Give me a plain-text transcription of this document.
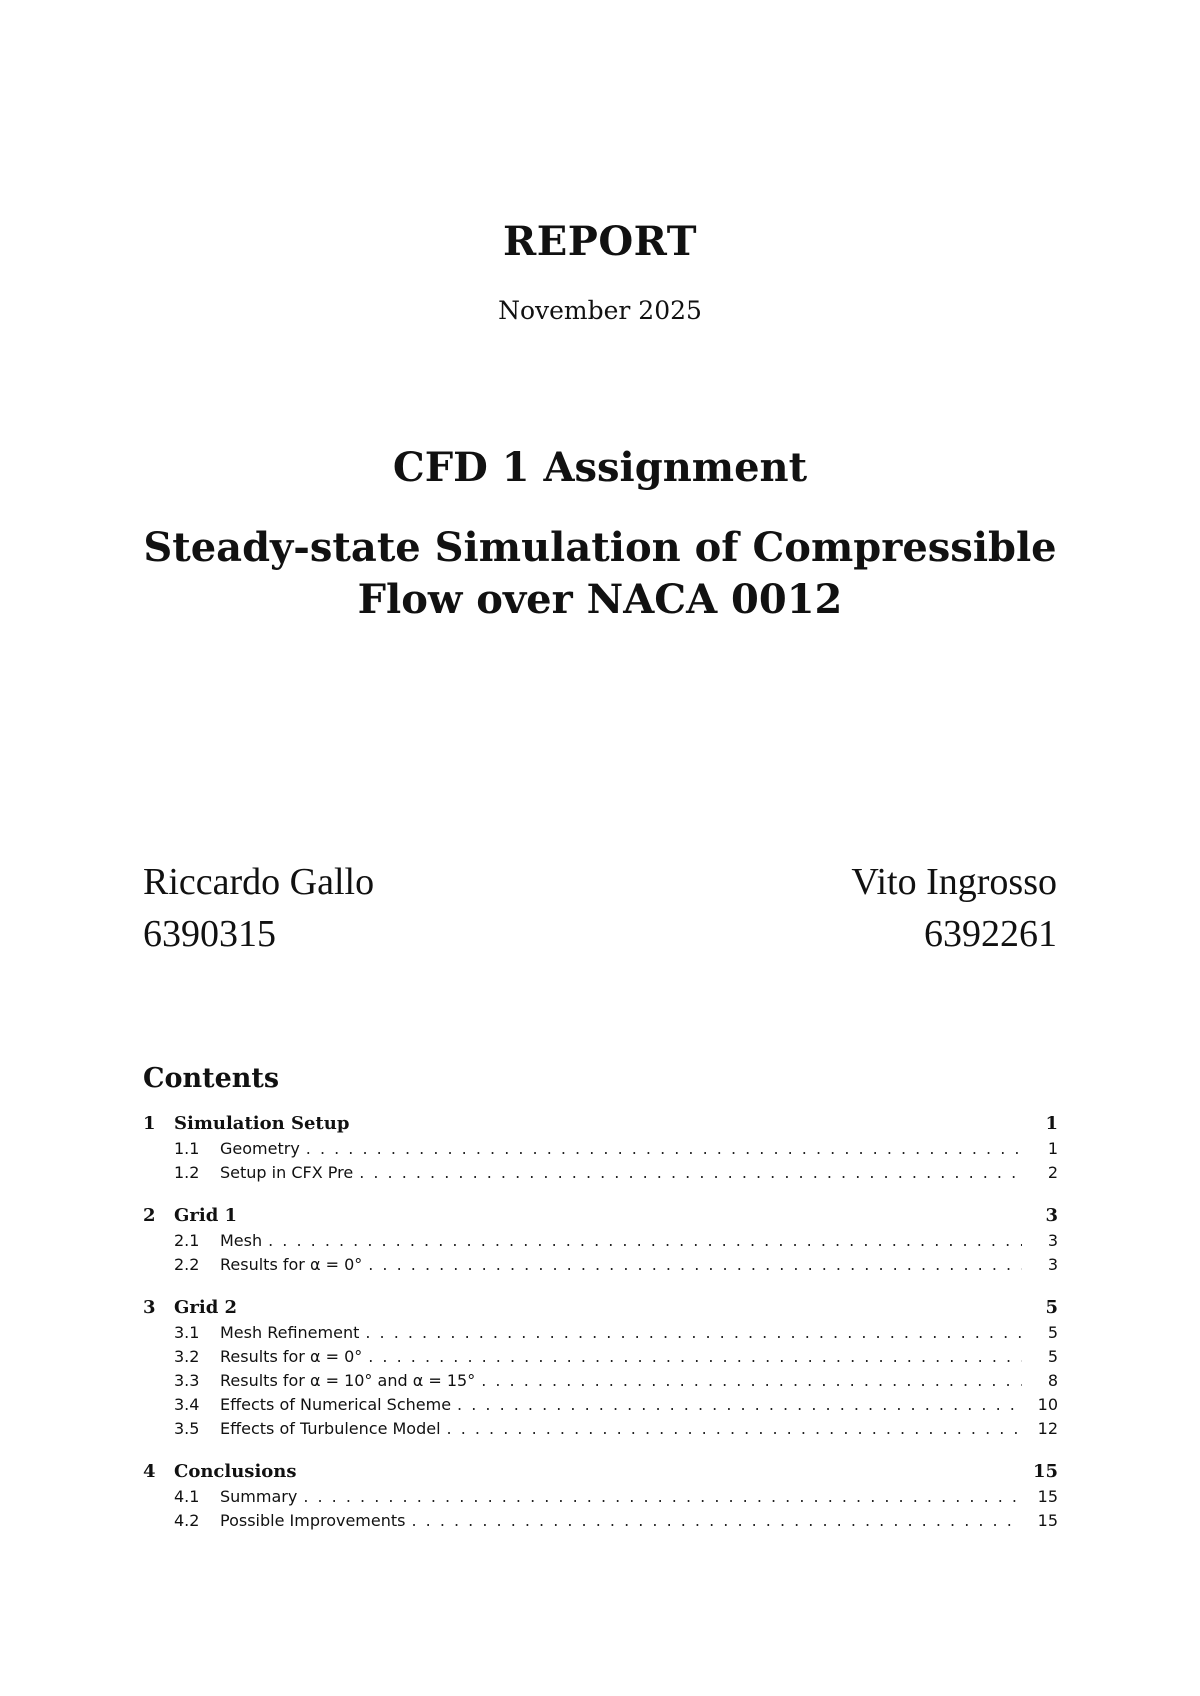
REPORT
November 2025
CFD 1 Assignment
Steady-state Simulation of Compressible
Flow over NACA 0012
Riccardo Gallo
6390315
Vito Ingrosso
6392261
Contents
1	Simulation Setup	1
1.1	Geometry . . .	1
1.2	Setup in CFX Pre . . .	2
2	Grid 1	3
2.1	Mesh . . .	3
2.2	Results for α = 0° . . .	3
3	Grid 2	5
3.1	Mesh Refinement . . .	5
3.2	Results for α = 0° . . .	5
3.3	Results for α = 10° and α = 15° . . .	8
3.4	Effects of Numerical Scheme . . .	10
3.5	Effects of Turbulence Model . . .	12
4	Conclusions	15
4.1	Summary . . .	15
4.2	Possible Improvements . . .	15
